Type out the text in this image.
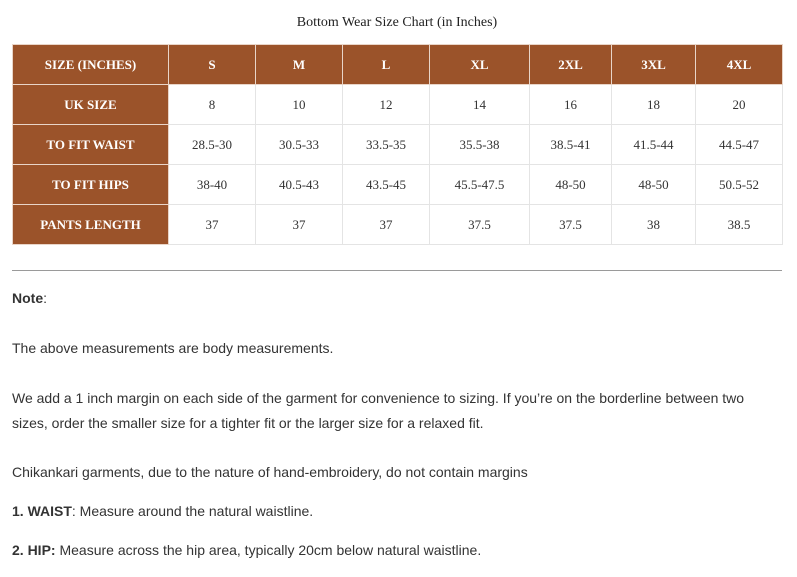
Bottom Wear Size Chart (in Inches)
SIZE (INCHES)	S	M	L	XL	2XL	3XL	4XL
UK SIZE	8	10	12	14	16	18	20
TO FIT WAIST	28.5-30	30.5-33	33.5-35	35.5-38	38.5-41	41.5-44	44.5-47
TO FIT HIPS	38-40	40.5-43	43.5-45	45.5-47.5	48-50	48-50	50.5-52
PANTS LENGTH	37	37	37	37.5	37.5	38	38.5

Note:

The above measurements are body measurements.

We add a 1 inch margin on each side of the garment for convenience to sizing. If you’re on the borderline between two sizes, order the smaller size for a tighter fit or the larger size for a relaxed fit.

Chikankari garments, due to the nature of hand-embroidery, do not contain margins

1. WAIST: Measure around the natural waistline.

2. HIP: Measure across the hip area, typically 20cm below natural waistline.
